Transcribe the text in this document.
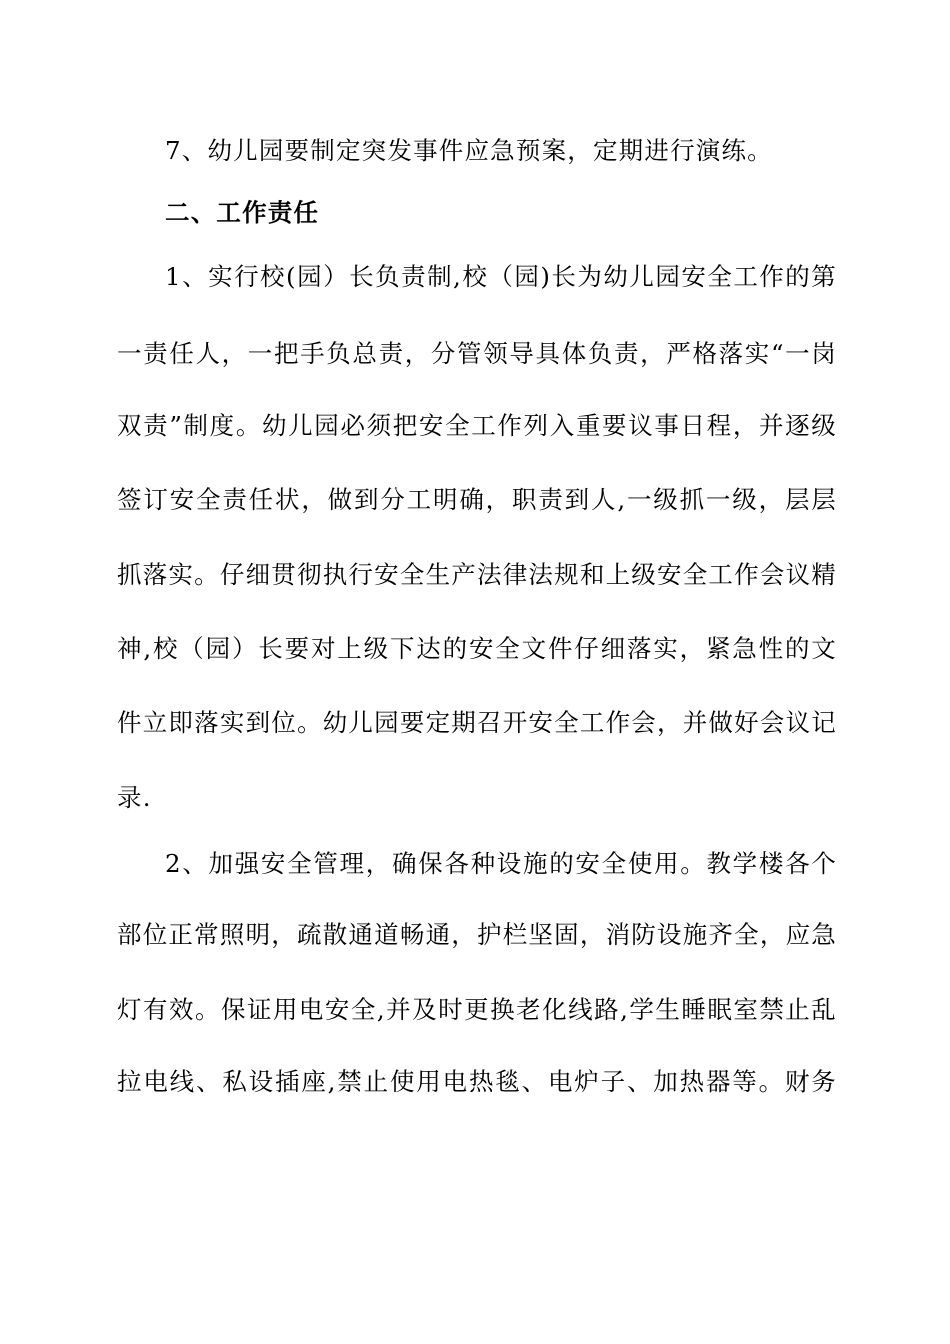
7、幼儿园要制定突发事件应急预案，定期进行演练。
二、工作责任
1、实行校(园）长负责制,校（园)长为幼儿园安全工作的第
一责任人，一把手负总责，分管领导具体负责，严格落实“一岗
双责”制度。幼儿园必须把安全工作列入重要议事日程，并逐级
签订安全责任状，做到分工明确，职责到人,一级抓一级，层层
抓落实。仔细贯彻执行安全生产法律法规和上级安全工作会议精
神,校（园）长要对上级下达的安全文件仔细落实，紧急性的文
件立即落实到位。幼儿园要定期召开安全工作会，并做好会议记
录.
2、加强安全管理，确保各种设施的安全使用。教学楼各个
部位正常照明，疏散通道畅通，护栏坚固，消防设施齐全，应急
灯有效。保证用电安全,并及时更换老化线路,学生睡眠室禁止乱
拉电线、私设插座,禁止使用电热毯、电炉子、加热器等。财务
